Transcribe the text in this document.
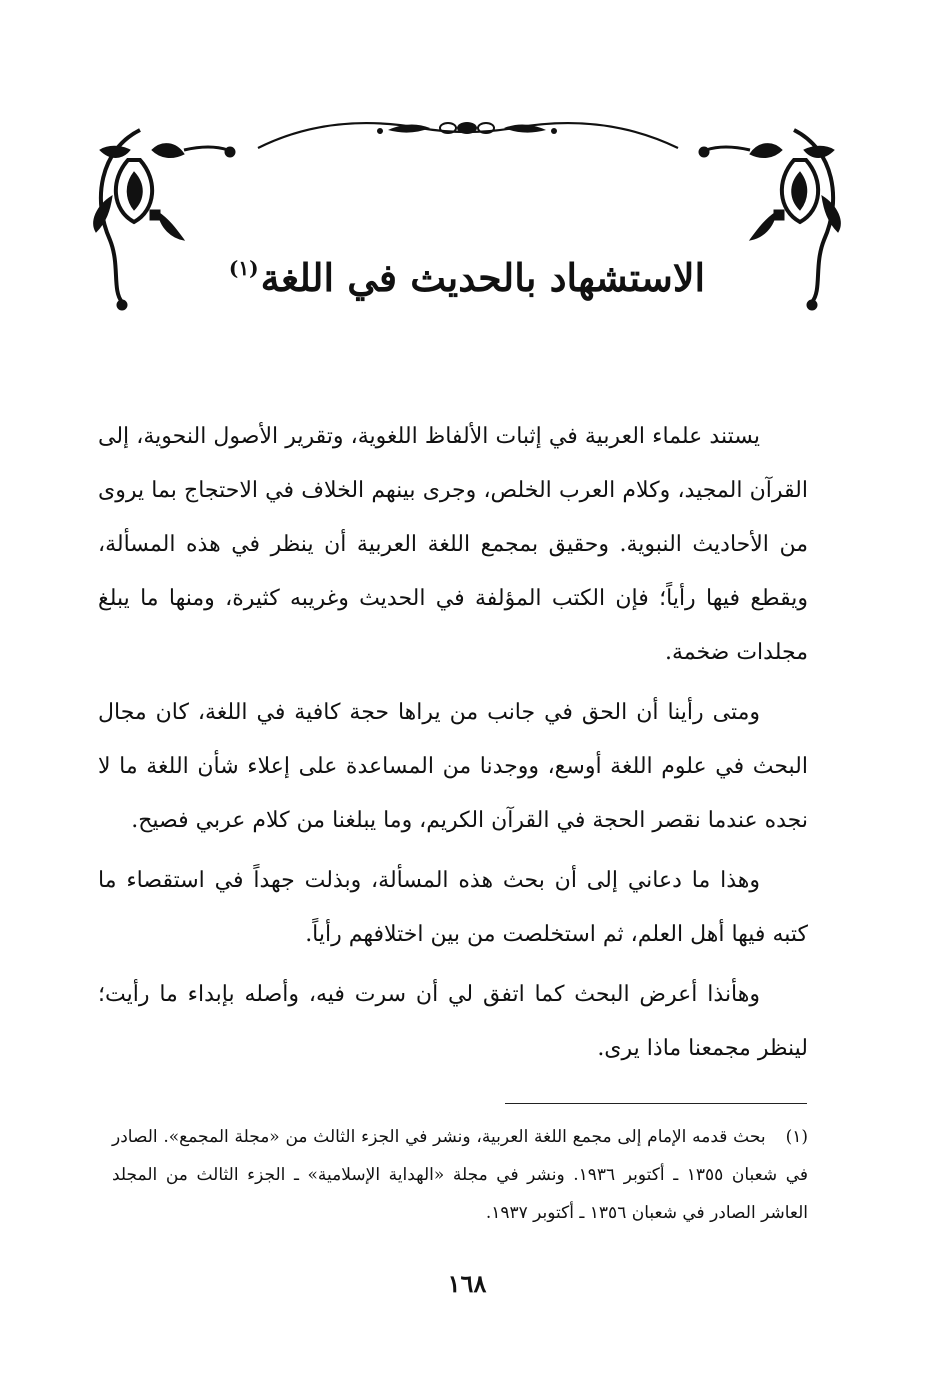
الاستشهاد بالحديث في اللغة$^{(١)}$

يستند علماء العربية في إثبات الألفاظ اللغوية، وتقرير الأصول النحوية، إلى القرآن المجيد، وكلام العرب الخلص، وجرى بينهم الخلاف في الاحتجاج بما يروى من الأحاديث النبوية. وحقيق بمجمع اللغة العربية أن ينظر في هذه المسألة، ويقطع فيها رأياً؛ فإن الكتب المؤلفة في الحديث وغريبه كثيرة، ومنها ما يبلغ مجلدات ضخمة.

ومتى رأينا أن الحق في جانب من يراها حجة كافية في اللغة، كان مجال البحث في علوم اللغة أوسع، ووجدنا من المساعدة على إعلاء شأن اللغة ما لا نجده عندما نقصر الحجة في القرآن الكريم، وما يبلغنا من كلام عربي فصيح.

وهذا ما دعاني إلى أن بحث هذه المسألة، وبذلت جهداً في استقصاء ما كتبه فيها أهل العلم، ثم استخلصت من بين اختلافهم رأياً.

وهأنذا أعرض البحث كما اتفق لي أن سرت فيه، وأصله بإبداء ما رأيت؛ لينظر مجمعنا ماذا يرى.

(١)بحث قدمه الإمام إلى مجمع اللغة العربية، ونشر في الجزء الثالث من «مجلة المجمع». الصادر في شعبان ١٣٥٥ ـ أكتوبر ١٩٣٦. ونشر في مجلة «الهداية الإسلامية» ـ الجزء الثالث من المجلد العاشر الصادر في شعبان ١٣٥٦ ـ أكتوبر ١٩٣٧.
١٦٨
